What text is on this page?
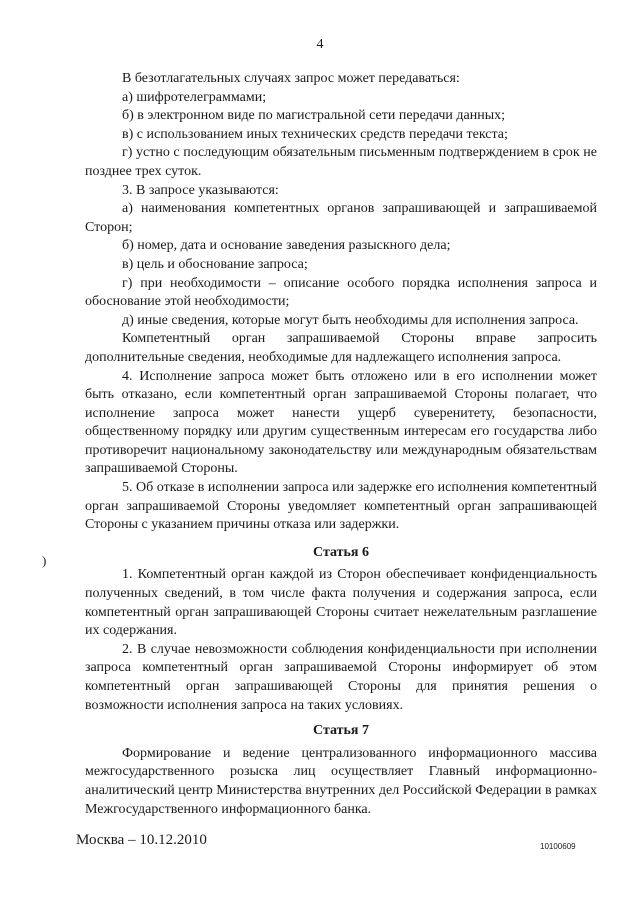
4
)

В безотлагательных случаях запрос может передаваться:

а) шифротелеграммами;

б) в электронном виде по магистральной сети передачи данных;

в) с использованием иных технических средств передачи текста;

г) устно с последующим обязательным письменным подтверждением в срок не позднее трех суток.

3. В запросе указываются:

а) наименования компетентных органов запрашивающей и запрашиваемой Сторон;

б) номер, дата и основание заведения разыскного дела;

в) цель и обоснование запроса;

г) при необходимости – описание особого порядка исполнения запроса и обоснование этой необходимости;

д) иные сведения, которые могут быть необходимы для исполнения запроса.

Компетентный орган запрашиваемой Стороны вправе запросить дополнительные сведения, необходимые для надлежащего исполнения запроса.

4. Исполнение запроса может быть отложено или в его исполнении может быть отказано, если компетентный орган запрашиваемой Стороны полагает, что исполнение запроса может нанести ущерб суверенитету, безопасности, общественному порядку или другим существенным интересам его государства либо противоречит национальному законодательству или международным обязательствам запрашиваемой Стороны.

5. Об отказе в исполнении запроса или задержке его исполнения компетентный орган запрашиваемой Стороны уведомляет компетентный орган запрашивающей Стороны с указанием причины отказа или задержки.

Статья 6

1. Компетентный орган каждой из Сторон обеспечивает конфиденциальность полученных сведений, в том числе факта получения и содержания запроса, если компетентный орган запрашивающей Стороны считает нежелательным разглашение их содержания.

2. В случае невозможности соблюдения конфиденциальности при исполнении запроса компетентный орган запрашиваемой Стороны информирует об этом компетентный орган запрашивающей Стороны для принятия решения о возможности исполнения запроса на таких условиях.

Статья 7

Формирование и ведение централизованного информационного массива межгосударственного розыска лиц осуществляет Главный информационно-аналитический центр Министерства внутренних дел Российской Федерации в рамках Межгосударственного информационного банка.

Москва – 10.12.2010	10100609
